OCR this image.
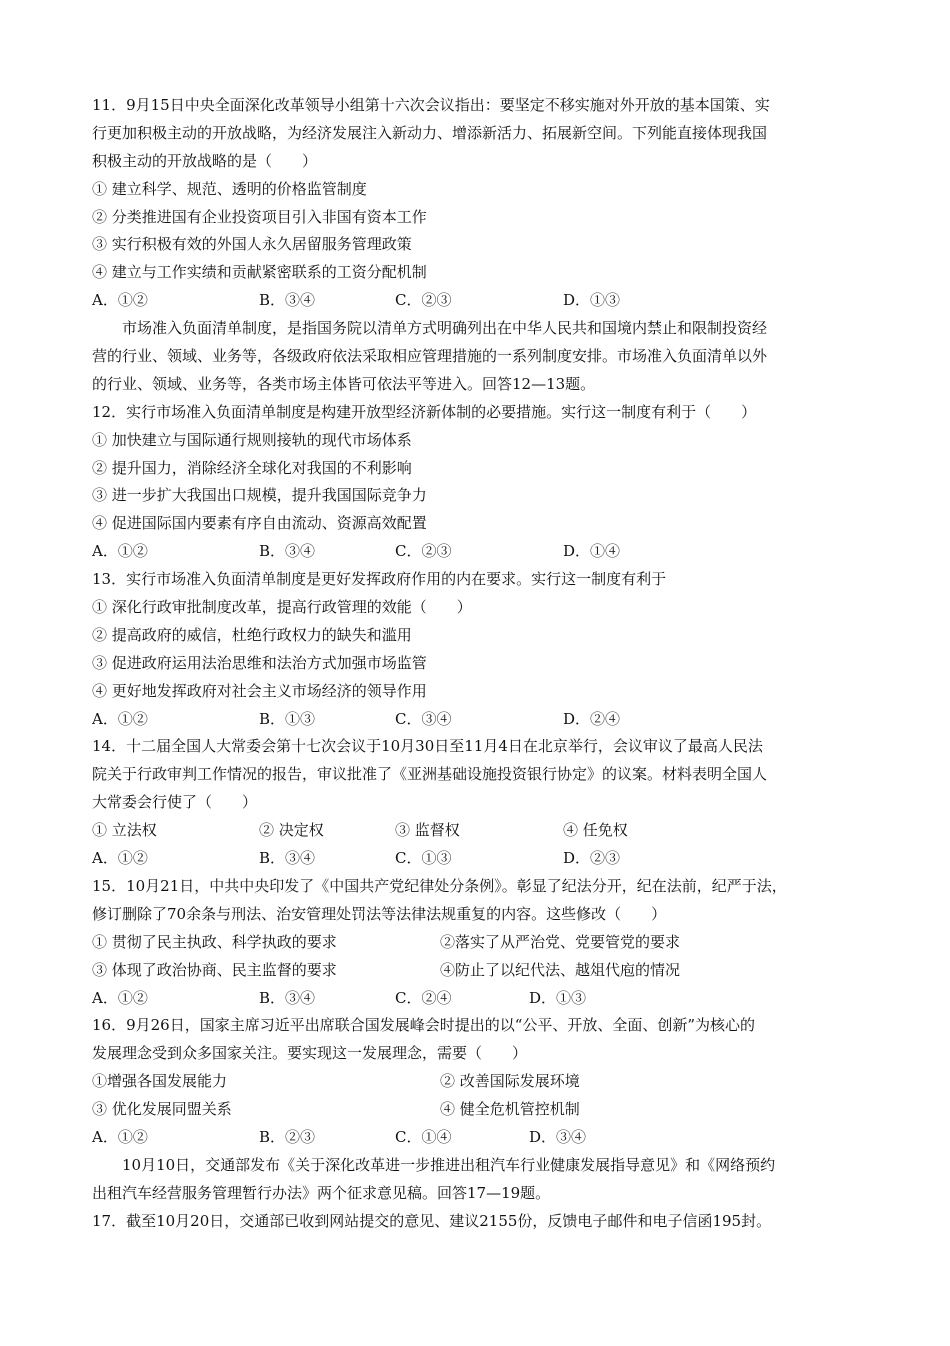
11．9月15日中央全面深化改革领导小组第十六次会议指出：要坚定不移实施对外开放的基本国策、实
行更加积极主动的开放战略，为经济发展注入新动力、增添新活力、拓展新空间。下列能直接体现我国
积极主动的开放战略的是（　　）
① 建立科学、规范、透明的价格监管制度
② 分类推进国有企业投资项目引入非国有资本工作
③ 实行积极有效的外国人永久居留服务管理政策
④ 建立与工作实绩和贡献紧密联系的工资分配机制
A．①②	B．③④	C．②③	D．①③
市场准入负面清单制度，是指国务院以清单方式明确列出在中华人民共和国境内禁止和限制投资经
营的行业、领域、业务等，各级政府依法采取相应管理措施的一系列制度安排。市场准入负面清单以外
的行业、领域、业务等，各类市场主体皆可依法平等进入。回答12—13题。
12．实行市场准入负面清单制度是构建开放型经济新体制的必要措施。实行这一制度有利于（　　）
① 加快建立与国际通行规则接轨的现代市场体系
② 提升国力，消除经济全球化对我国的不利影响
③ 进一步扩大我国出口规模，提升我国国际竞争力
④ 促进国际国内要素有序自由流动、资源高效配置
A．①②	B．③④	C．②③	D．①④
13．实行市场准入负面清单制度是更好发挥政府作用的内在要求。实行这一制度有利于
① 深化行政审批制度改革，提高行政管理的效能（　　）
② 提高政府的威信，杜绝行政权力的缺失和滥用
③ 促进政府运用法治思维和法治方式加强市场监管
④ 更好地发挥政府对社会主义市场经济的领导作用
A．①②	B．①③	C．③④	D．②④
14．十二届全国人大常委会第十七次会议于10月30日至11月4日在北京举行，会议审议了最高人民法
院关于行政审判工作情况的报告，审议批准了《亚洲基础设施投资银行协定》的议案。材料表明全国人
大常委会行使了（　　）
① 立法权	② 决定权	③ 监督权	④ 任免权
A．①②	B．③④	C．①③	D．②③
15．10月21日，中共中央印发了《中国共产党纪律处分条例》。彰显了纪法分开，纪在法前，纪严于法，
修订删除了70余条与刑法、治安管理处罚法等法律法规重复的内容。这些修改（　　）
① 贯彻了民主执政、科学执政的要求	②落实了从严治党、党要管党的要求
③ 体现了政治协商、民主监督的要求	④防止了以纪代法、越俎代庖的情况
A．①②	B．③④	C．②④	D．①③
16．9月26日，国家主席习近平出席联合国发展峰会时提出的以“公平、开放、全面、创新”为核心的
发展理念受到众多国家关注。要实现这一发展理念，需要（　　）
①增强各国发展能力	② 改善国际发展环境
③ 优化发展同盟关系	④ 健全危机管控机制
A．①②	B．②③	C．①④	D．③④
10月10日，交通部发布《关于深化改革进一步推进出租汽车行业健康发展指导意见》和《网络预约
出租汽车经营服务管理暂行办法》两个征求意见稿。回答17—19题。
17．截至10月20日，交通部已收到网站提交的意见、建议2155份，反馈电子邮件和电子信函195封。
